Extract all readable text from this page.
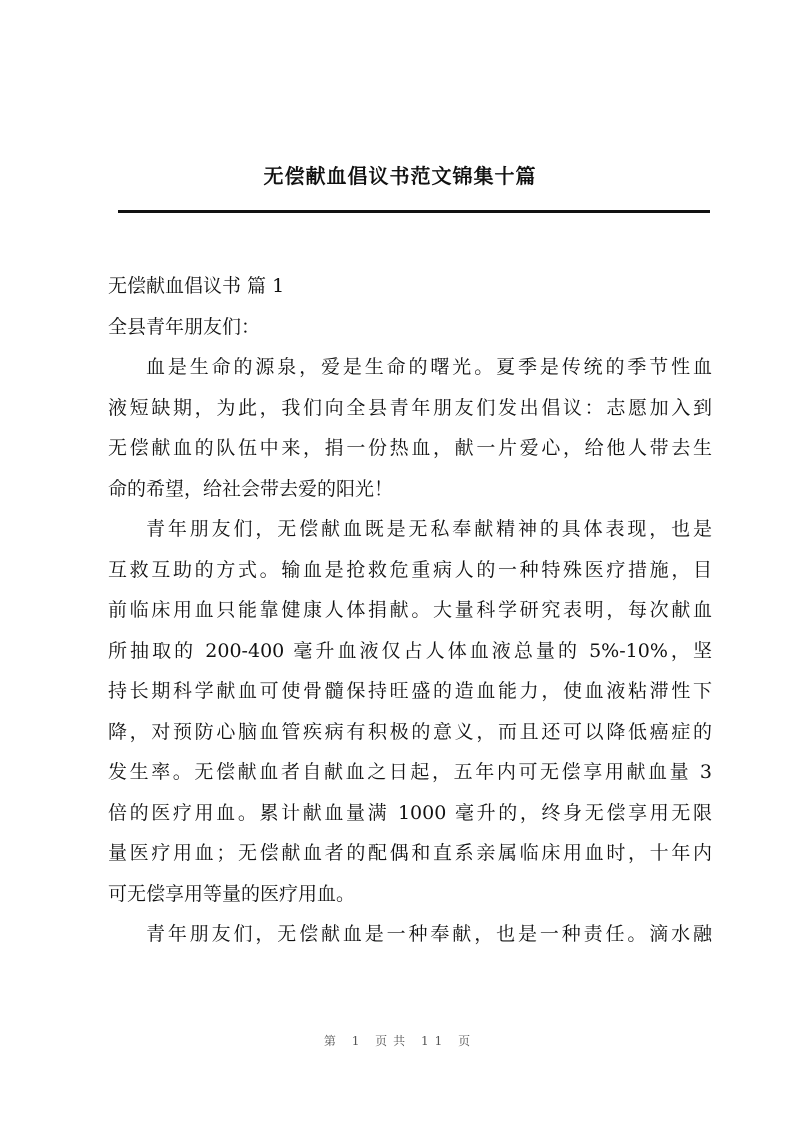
无偿献血倡议书范文锦集十篇
无偿献血倡议书 篇 1
全县青年朋友们：
血是生命的源泉，爱是生命的曙光。夏季是传统的季节性血
液短缺期，为此，我们向全县青年朋友们发出倡议：志愿加入到
无偿献血的队伍中来，捐一份热血，献一片爱心，给他人带去生
命的希望，给社会带去爱的阳光！
青年朋友们，无偿献血既是无私奉献精神的具体表现，也是
互救互助的方式。输血是抢救危重病人的一种特殊医疗措施，目
前临床用血只能靠健康人体捐献。大量科学研究表明，每次献血
所抽取的 200-400 毫升血液仅占人体血液总量的 5%-10%，坚
持长期科学献血可使骨髓保持旺盛的造血能力，使血液粘滞性下
降，对预防心脑血管疾病有积极的意义，而且还可以降低癌症的
发生率。无偿献血者自献血之日起，五年内可无偿享用献血量 3
倍的医疗用血。累计献血量满 1000 毫升的，终身无偿享用无限
量医疗用血；无偿献血者的配偶和直系亲属临床用血时，十年内
可无偿享用等量的医疗用血。
青年朋友们，无偿献血是一种奉献，也是一种责任。滴水融
第 1 页共 11 页
